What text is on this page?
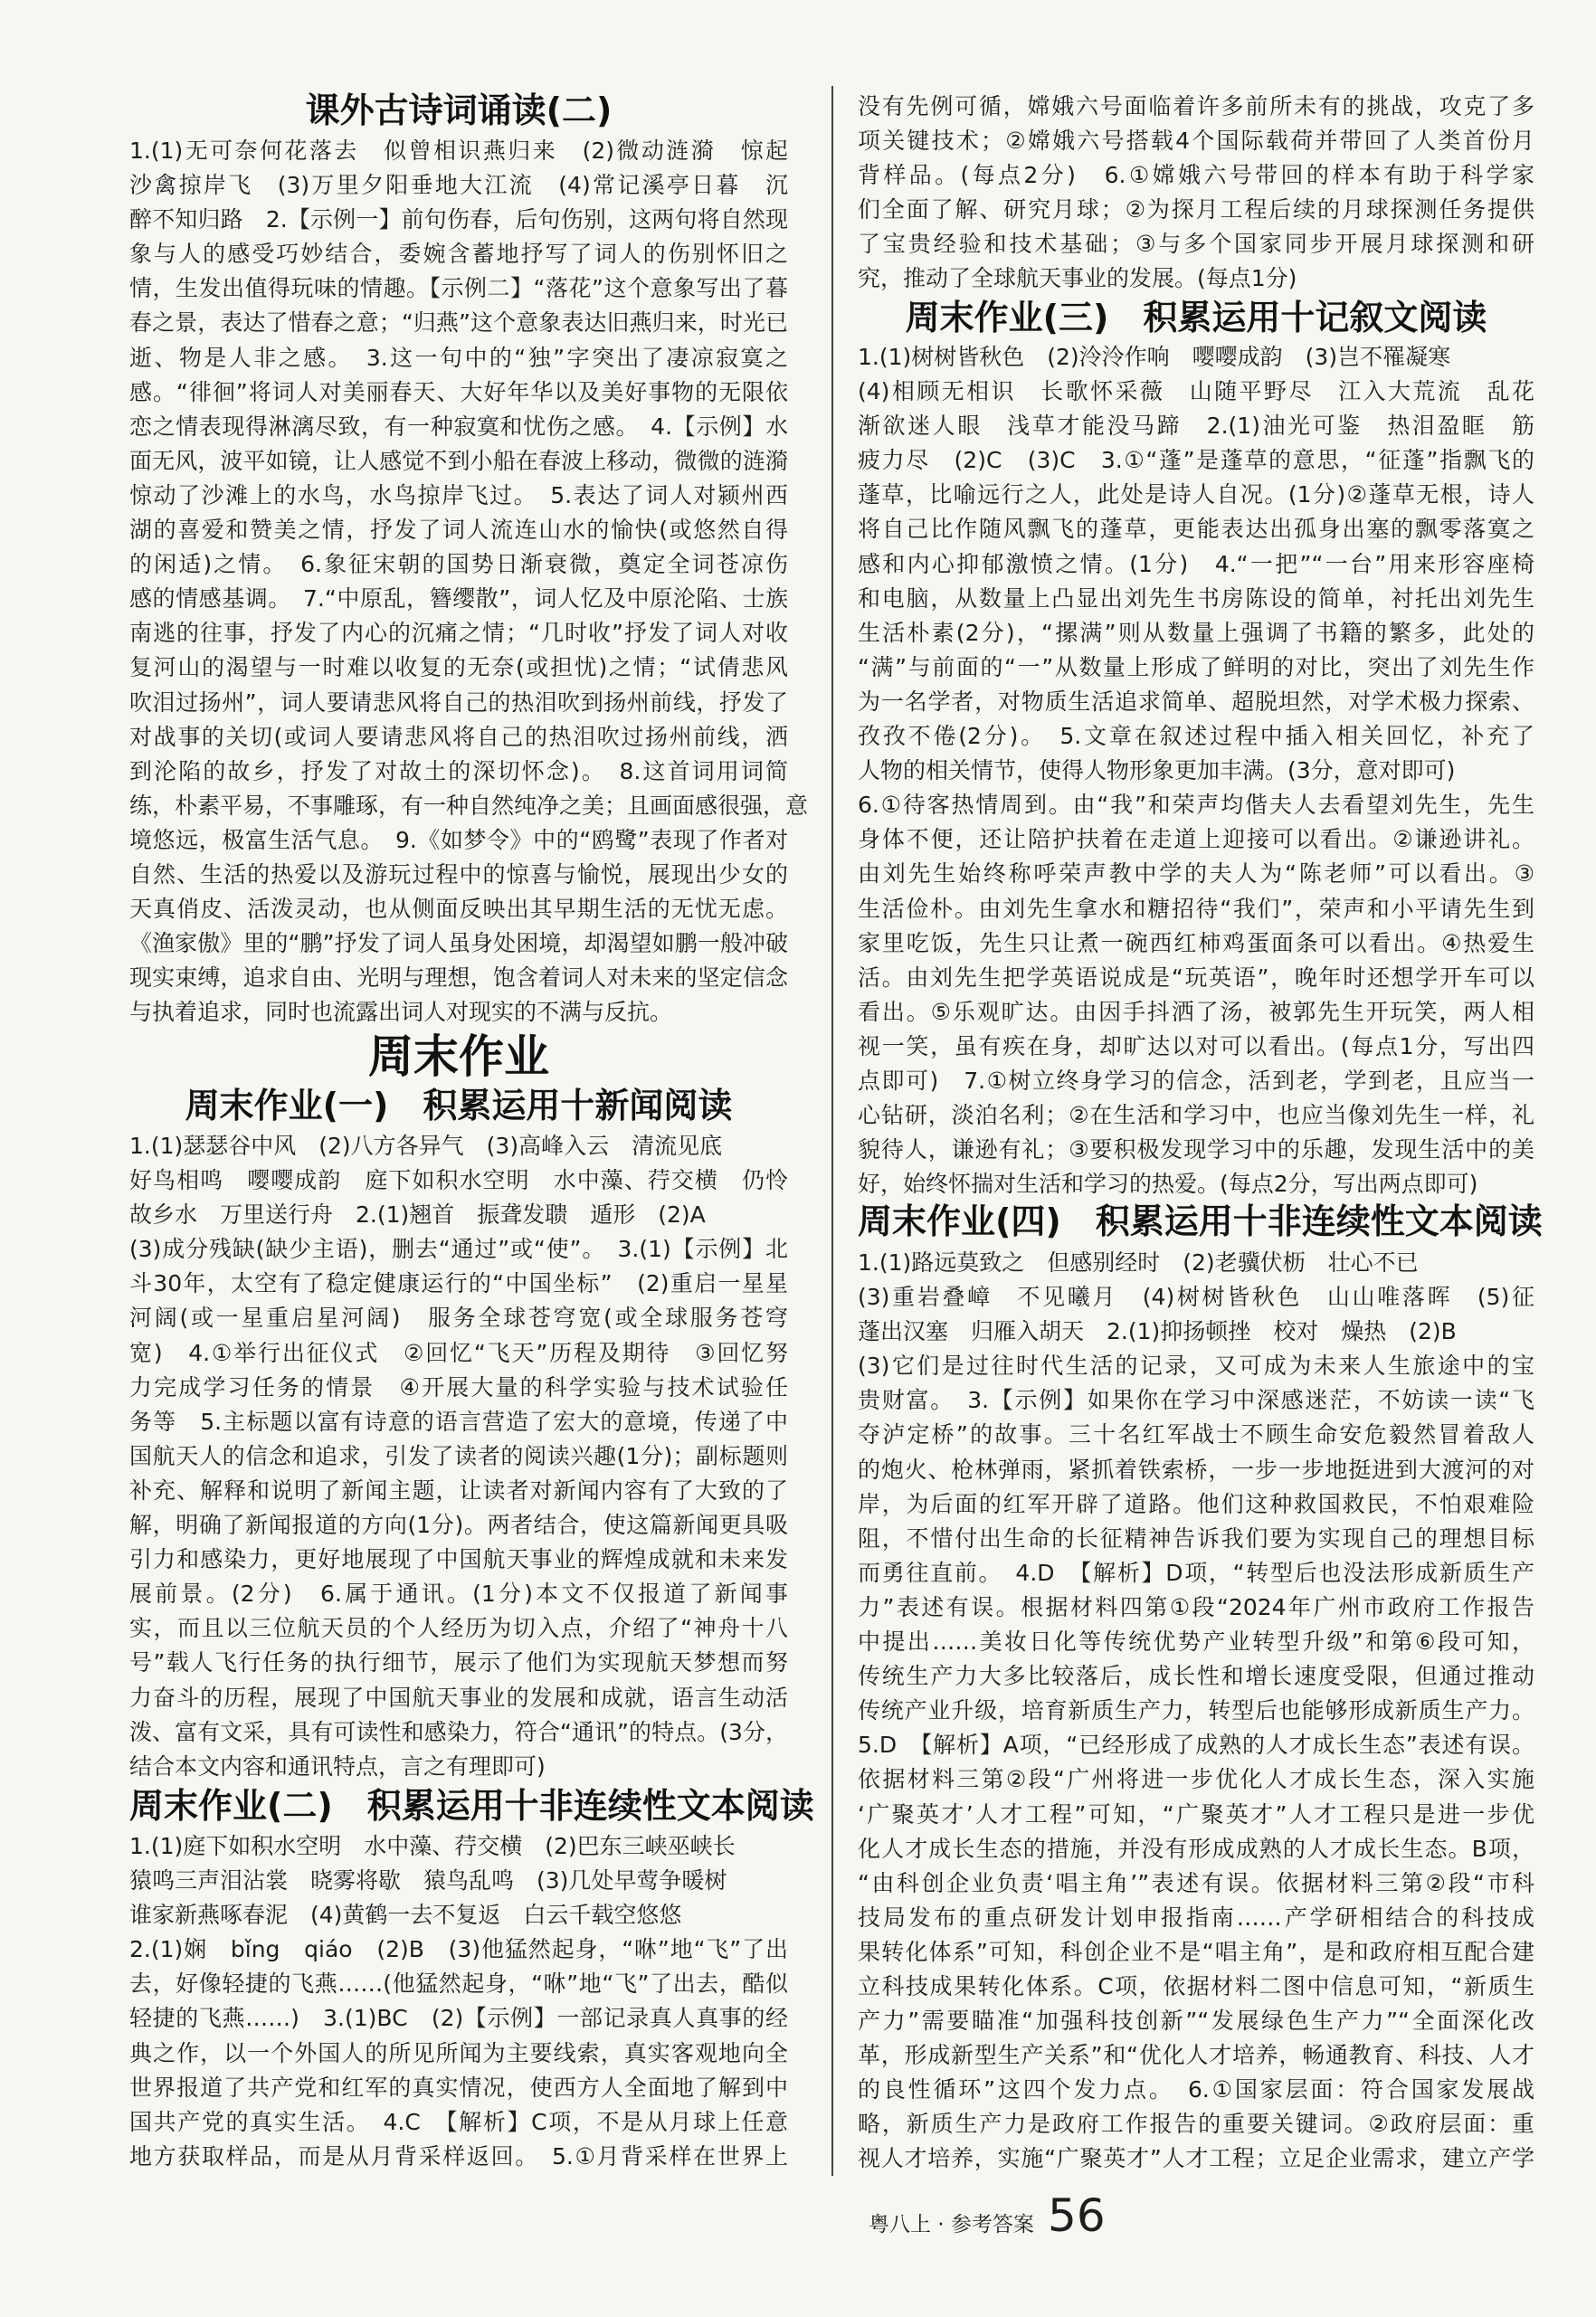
课外古诗词诵读(二)
1.(1)无可奈何花落去　似曾相识燕归来　(2)微动涟漪　惊起
沙禽掠岸飞　(3)万里夕阳垂地大江流　(4)常记溪亭日暮　沉
醉不知归路　2.【示例一】前句伤春，后句伤别，这两句将自然现
象与人的感受巧妙结合，委婉含蓄地抒写了词人的伤别怀旧之
情，生发出值得玩味的情趣。【示例二】“落花”这个意象写出了暮
春之景，表达了惜春之意；“归燕”这个意象表达旧燕归来，时光已
逝、物是人非之感。　3.这一句中的“独”字突出了凄凉寂寞之
感。“徘徊”将词人对美丽春天、大好年华以及美好事物的无限依
恋之情表现得淋漓尽致，有一种寂寞和忧伤之感。　4.【示例】水
面无风，波平如镜，让人感觉不到小船在春波上移动，微微的涟漪
惊动了沙滩上的水鸟，水鸟掠岸飞过。　5.表达了词人对颍州西
湖的喜爱和赞美之情，抒发了词人流连山水的愉快(或悠然自得
的闲适)之情。　6.象征宋朝的国势日渐衰微，奠定全词苍凉伤
感的情感基调。　7.“中原乱，簪缨散”，词人忆及中原沦陷、士族
南逃的往事，抒发了内心的沉痛之情；“几时收”抒发了词人对收
复河山的渴望与一时难以收复的无奈(或担忧)之情；“试倩悲风
吹泪过扬州”，词人要请悲风将自己的热泪吹到扬州前线，抒发了
对战事的关切(或词人要请悲风将自己的热泪吹过扬州前线，洒
到沦陷的故乡，抒发了对故土的深切怀念)。　8.这首词用词简
练，朴素平易，不事雕琢，有一种自然纯净之美；且画面感很强，意
境悠远，极富生活气息。　9.《如梦令》中的“鸥鹭”表现了作者对
自然、生活的热爱以及游玩过程中的惊喜与愉悦，展现出少女的
天真俏皮、活泼灵动，也从侧面反映出其早期生活的无忧无虑。
《渔家傲》里的“鹏”抒发了词人虽身处困境，却渴望如鹏一般冲破
现实束缚，追求自由、光明与理想，饱含着词人对未来的坚定信念
与执着追求，同时也流露出词人对现实的不满与反抗。
周末作业
周末作业(一)　积累运用十新闻阅读
1.(1)瑟瑟谷中风　(2)八方各异气　(3)高峰入云　清流见底
好鸟相鸣　嘤嘤成韵　庭下如积水空明　水中藻、荇交横　仍怜
故乡水　万里送行舟　2.(1)翘首　振聋发聩　遁形　(2)A
(3)成分残缺(缺少主语)，删去“通过”或“使”。　3.(1)【示例】北
斗30年，太空有了稳定健康运行的“中国坐标”　(2)重启一星星
河阔(或一星重启星河阔)　服务全球苍穹宽(或全球服务苍穹
宽)　4.①举行出征仪式　②回忆“飞天”历程及期待　③回忆努
力完成学习任务的情景　④开展大量的科学实验与技术试验任
务等　5.主标题以富有诗意的语言营造了宏大的意境，传递了中
国航天人的信念和追求，引发了读者的阅读兴趣(1分)；副标题则
补充、解释和说明了新闻主题，让读者对新闻内容有了大致的了
解，明确了新闻报道的方向(1分)。两者结合，使这篇新闻更具吸
引力和感染力，更好地展现了中国航天事业的辉煌成就和未来发
展前景。(2分)　6.属于通讯。(1分)本文不仅报道了新闻事
实，而且以三位航天员的个人经历为切入点，介绍了“神舟十八
号”载人飞行任务的执行细节，展示了他们为实现航天梦想而努
力奋斗的历程，展现了中国航天事业的发展和成就，语言生动活
泼、富有文采，具有可读性和感染力，符合“通讯”的特点。(3分，
结合本文内容和通讯特点，言之有理即可)
周末作业(二)　积累运用十非连续性文本阅读
1.(1)庭下如积水空明　水中藻、荇交横　(2)巴东三峡巫峡长
猿鸣三声泪沾裳　晓雾将歇　猿鸟乱鸣　(3)几处早莺争暖树
谁家新燕啄春泥　(4)黄鹤一去不复返　白云千载空悠悠
2.(1)娴　bǐng　qiáo　(2)B　(3)他猛然起身，“咻”地“飞”了出
去，好像轻捷的飞燕……(他猛然起身，“咻”地“飞”了出去，酷似
轻捷的飞燕……)　3.(1)BC　(2)【示例】一部记录真人真事的经
典之作，以一个外国人的所见所闻为主要线索，真实客观地向全
世界报道了共产党和红军的真实情况，使西方人全面地了解到中
国共产党的真实生活。　4.C　【解析】C项，不是从月球上任意
地方获取样品，而是从月背采样返回。　5.①月背采样在世界上
没有先例可循，嫦娥六号面临着许多前所未有的挑战，攻克了多
项关键技术；②嫦娥六号搭载4个国际载荷并带回了人类首份月
背样品。(每点2分)　6.①嫦娥六号带回的样本有助于科学家
们全面了解、研究月球；②为探月工程后续的月球探测任务提供
了宝贵经验和技术基础；③与多个国家同步开展月球探测和研
究，推动了全球航天事业的发展。(每点1分)
周末作业(三)　积累运用十记叙文阅读
1.(1)树树皆秋色　(2)泠泠作响　嘤嘤成韵　(3)岂不罹凝寒
(4)相顾无相识　长歌怀采薇　山随平野尽　江入大荒流　乱花
渐欲迷人眼　浅草才能没马蹄　2.(1)油光可鉴　热泪盈眶　筋
疲力尽　(2)C　(3)C　3.①“蓬”是蓬草的意思，“征蓬”指飘飞的
蓬草，比喻远行之人，此处是诗人自况。(1分)②蓬草无根，诗人
将自己比作随风飘飞的蓬草，更能表达出孤身出塞的飘零落寞之
感和内心抑郁激愤之情。(1分)　4.“一把”“一台”用来形容座椅
和电脑，从数量上凸显出刘先生书房陈设的简单，衬托出刘先生
生活朴素(2分)，“摞满”则从数量上强调了书籍的繁多，此处的
“满”与前面的“一”从数量上形成了鲜明的对比，突出了刘先生作
为一名学者，对物质生活追求简单、超脱坦然，对学术极力探索、
孜孜不倦(2分)。　5.文章在叙述过程中插入相关回忆，补充了
人物的相关情节，使得人物形象更加丰满。(3分，意对即可)
6.①待客热情周到。由“我”和荣声均偕夫人去看望刘先生，先生
身体不便，还让陪护扶着在走道上迎接可以看出。②谦逊讲礼。
由刘先生始终称呼荣声教中学的夫人为“陈老师”可以看出。③
生活俭朴。由刘先生拿水和糖招待“我们”，荣声和小平请先生到
家里吃饭，先生只让煮一碗西红柿鸡蛋面条可以看出。④热爱生
活。由刘先生把学英语说成是“玩英语”，晚年时还想学开车可以
看出。⑤乐观旷达。由因手抖洒了汤，被郭先生开玩笑，两人相
视一笑，虽有疾在身，却旷达以对可以看出。(每点1分，写出四
点即可)　7.①树立终身学习的信念，活到老，学到老，且应当一
心钻研，淡泊名利；②在生活和学习中，也应当像刘先生一样，礼
貌待人，谦逊有礼；③要积极发现学习中的乐趣，发现生活中的美
好，始终怀揣对生活和学习的热爱。(每点2分，写出两点即可)
周末作业(四)　积累运用十非连续性文本阅读
1.(1)路远莫致之　但感别经时　(2)老骥伏枥　壮心不已
(3)重岩叠嶂　不见曦月　(4)树树皆秋色　山山唯落晖　(5)征
蓬出汉塞　归雁入胡天　2.(1)抑扬顿挫　校对　燥热　(2)B
(3)它们是过往时代生活的记录，又可成为未来人生旅途中的宝
贵财富。　3.【示例】如果你在学习中深感迷茫，不妨读一读“飞
夺泸定桥”的故事。三十名红军战士不顾生命安危毅然冒着敌人
的炮火、枪林弹雨，紧抓着铁索桥，一步一步地挺进到大渡河的对
岸，为后面的红军开辟了道路。他们这种救国救民，不怕艰难险
阻，不惜付出生命的长征精神告诉我们要为实现自己的理想目标
而勇往直前。　4.D　【解析】D项，“转型后也没法形成新质生产
力”表述有误。根据材料四第①段“2024年广州市政府工作报告
中提出……美妆日化等传统优势产业转型升级”和第⑥段可知，
传统生产力大多比较落后，成长性和增长速度受限，但通过推动
传统产业升级，培育新质生产力，转型后也能够形成新质生产力。
5.D　【解析】A项，“已经形成了成熟的人才成长生态”表述有误。
依据材料三第②段“广州将进一步优化人才成长生态，深入实施
‘广聚英才’人才工程”可知，“广聚英才”人才工程只是进一步优
化人才成长生态的措施，并没有形成成熟的人才成长生态。B项，
“由科创企业负责‘唱主角’”表述有误。依据材料三第②段“市科
技局发布的重点研发计划申报指南……产学研相结合的科技成
果转化体系”可知，科创企业不是“唱主角”，是和政府相互配合建
立科技成果转化体系。C项，依据材料二图中信息可知，“新质生
产力”需要瞄准“加强科技创新”“发展绿色生产力”“全面深化改
革，形成新型生产关系”和“优化人才培养，畅通教育、科技、人才
的良性循环”这四个发力点。　6.①国家层面：符合国家发展战
略，新质生产力是政府工作报告的重要关键词。②政府层面：重
视人才培养，实施“广聚英才”人才工程；立足企业需求，建立产学
粤八上 · 参考答案 56
